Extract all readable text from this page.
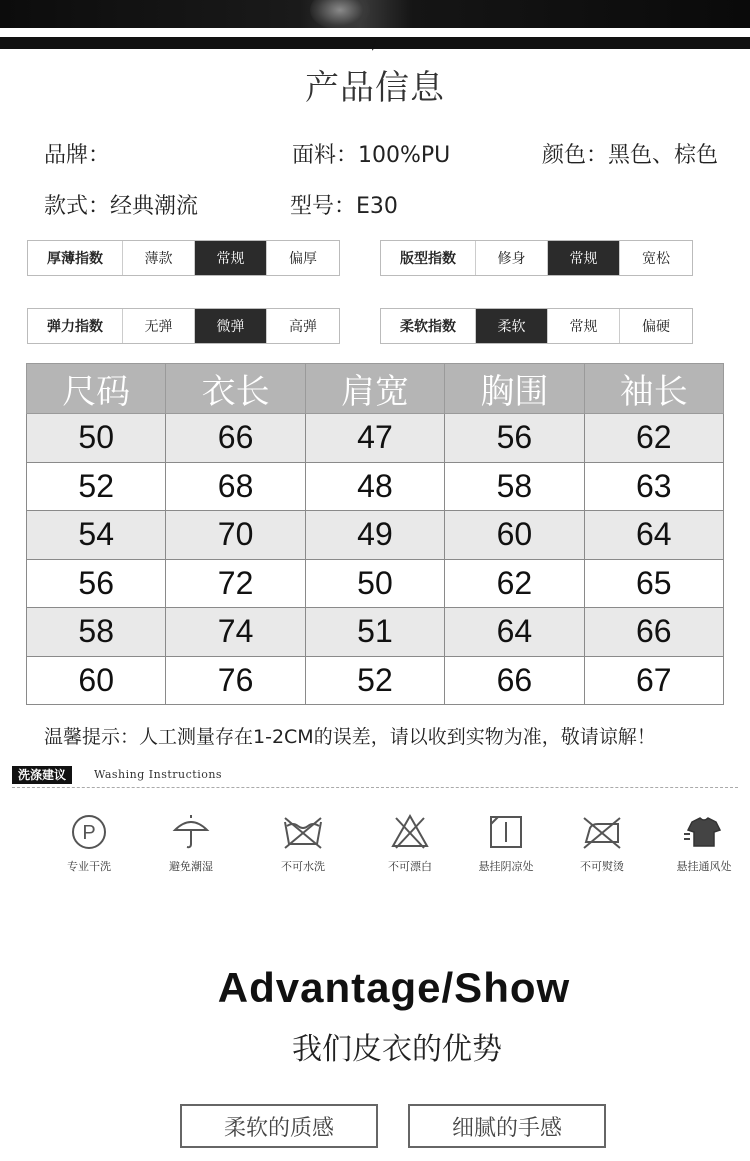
/
产品信息
品牌：	面料：100%PU	颜色：黑色、棕色
款式：经典潮流	型号：E30
厚薄指数	薄款	常规	偏厚	版型指数	修身	常规	宽松
弹力指数	无弹	微弹	高弹	柔软指数	柔软	常规	偏硬
尺码	衣长	肩宽	胸围	袖长
50	66	47	56	62
52	68	48	58	63
54	70	49	60	64
56	72	50	62	65
58	74	51	64	66
60	76	52	66	67
温馨提示：人工测量存在1-2CM的误差，请以收到实物为准，敬请谅解！
洗涤建议	Washing Instructions
P
专业干洗	避免潮湿	不可水洗	不可漂白	悬挂阴凉处	不可熨烫	悬挂通风处
Advantage/Show
我们皮衣的优势
柔软的质感	细腻的手感
